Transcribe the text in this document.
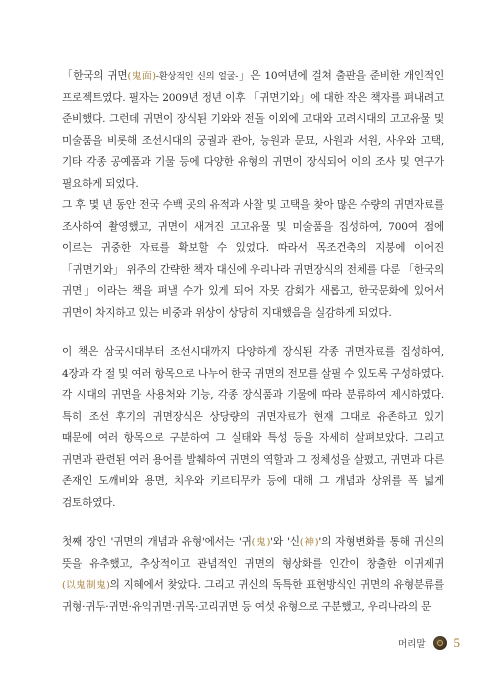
「한국의 귀면(鬼面)-환상적인 신의 얼굴-」은 10여년에 걸쳐 출판을 준비한 개인적인 프로젝트였다. 필자는 2009년 정년 이후 「귀면기와」에 대한 작은 책자를 펴내려고 준비했다. 그런데 귀면이 장식된 기와와 전돌 이외에 고대와 고려시대의 고고유물 및 미술품을 비롯해 조선시대의 궁궐과 관아, 능원과 문묘, 사원과 서원, 사우와 고택, 기타 각종 공예품과 기물 등에 다양한 유형의 귀면이 장식되어 이의 조사 및 연구가 필요하게 되었다.

그 후 몇 년 동안 전국 수백 곳의 유적과 사찰 및 고택을 찾아 많은 수량의 귀면자료를 조사하여 촬영했고, 귀면이 새겨진 고고유물 및 미술품을 집성하여, 700여 점에 이르는 귀중한 자료를 확보할 수 있었다. 따라서 목조건축의 지붕에 이어진 「귀면기와」 위주의 간략한 책자 대신에 우리나라 귀면장식의 전체를 다룬 「한국의 귀면」이라는 책을 펴낼 수가 있게 되어 자못 감회가 새롭고, 한국문화에 있어서 귀면이 차지하고 있는 비중과 위상이 상당히 지대했음을 실감하게 되었다.

이 책은 삼국시대부터 조선시대까지 다양하게 장식된 각종 귀면자료를 집성하여, 4장과 각 절 및 여러 항목으로 나누어 한국 귀면의 전모를 살필 수 있도록 구성하였다. 각 시대의 귀면을 사용처와 기능, 각종 장식품과 기물에 따라 분류하여 제시하였다. 특히 조선 후기의 귀면장식은 상당량의 귀면자료가 현재 그대로 유존하고 있기 때문에 여러 항목으로 구분하여 그 실태와 특성 등을 자세히 살펴보았다. 그리고 귀면과 관련된 여러 용어를 발췌하여 귀면의 역할과 그 정체성을 살폈고, 귀면과 다른 존재인 도깨비와 용면, 치우와 키르티무카 등에 대해 그 개념과 상위를 폭 넓게 검토하였다.

첫째 장인 '귀면의 개념과 유형'에서는 '귀(鬼)'와 '신(神)'의 자형변화를 통해 귀신의 뜻을 유추했고, 추상적이고 관념적인 귀면의 형상화를 인간이 창출한 이귀제귀(以鬼制鬼)의 지혜에서 찾았다. 그리고 귀신의 독특한 표현방식인 귀면의 유형분류를 귀형·귀두·귀면·유익귀면·귀목·고리귀면 등 여섯 유형으로 구분했고, 우리나라의 문

머리말 5
